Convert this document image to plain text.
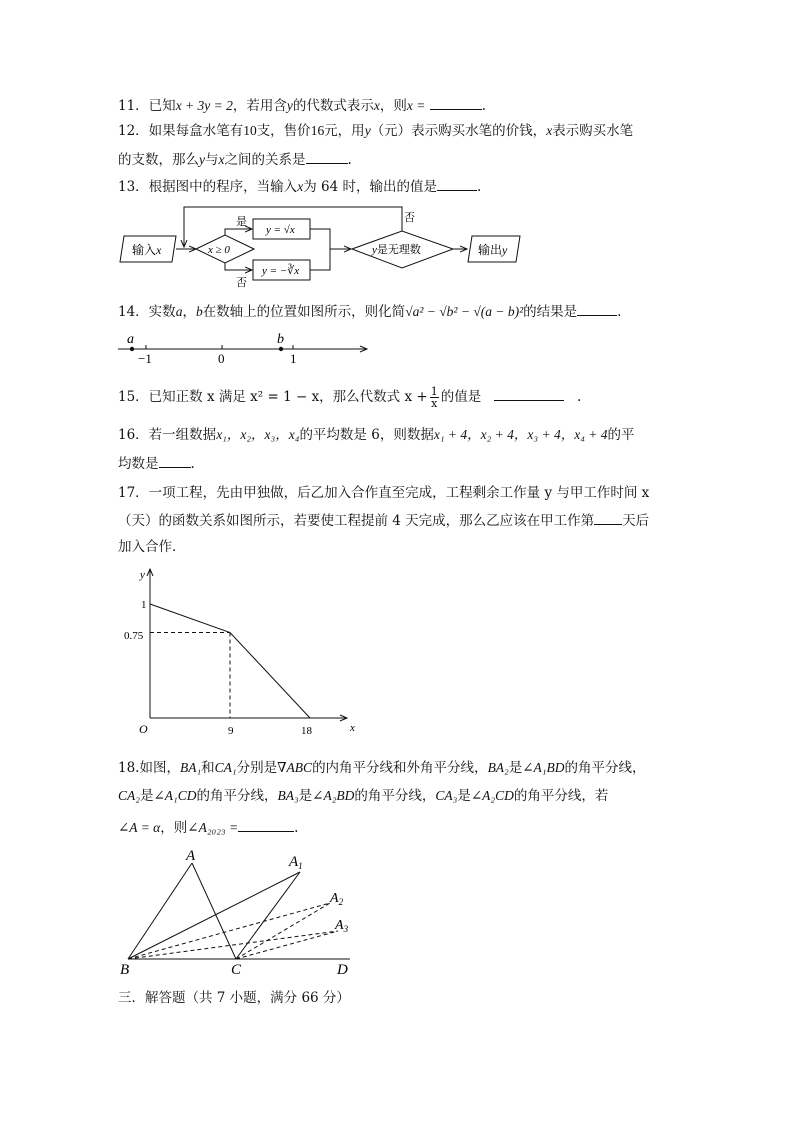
11．已知x + 3y = 2，若用含y的代数式表示x，则x =	.
12．如果每盒水笔有10支，售价16元，用y（元）表示购买水笔的价钱，x表示购买水笔
的支数，那么y与x之间的关系是	.
13．根据图中的程序，当输入x为 64 时，输出的值是	.
输入x	x ≥ 0
是
否
y = √x
y = −∛x
y是无理数
否
输出y
14．实数a，b在数轴上的位置如图所示，则化简√a² − √b² − √(a − b)²的结果是	.
a	b
−1	0	1
15．已知正数 x 满足 x² = 1 − x，那么代数式 $x + \frac{1}{x}$ 的值是	.
16．若一组数据x₁，x₂，x₃，x₄的平均数是 6，则数据x₁ + 4，x₂ + 4，x₃ + 4，x₄ + 4的平
均数是 .
17．一项工程，先由甲独做，后乙加入合作直至完成，工程剩余工作量 y 与甲工作时间 x
（天）的函数关系如图所示，若要使工程提前 4 天完成，那么乙应该在甲工作第 天后
加入合作．
y
x
O
1
0.75
9	18
18.如图，BA₁和CA₁分别是∇ABC的内角平分线和外角平分线，BA₂是∠A₁BD的角平分线，
CA₂是∠A₁CD的角平分线，BA₃是∠A₂BD的角平分线，CA₃是∠A₂CD的角平分线，若
∠A = α，则∠A₂₀₂₃ =	.
A	$A_1$
$A_2$
$A_3$
B	C	D
三．解答题（共 7 小题，满分 66 分）
